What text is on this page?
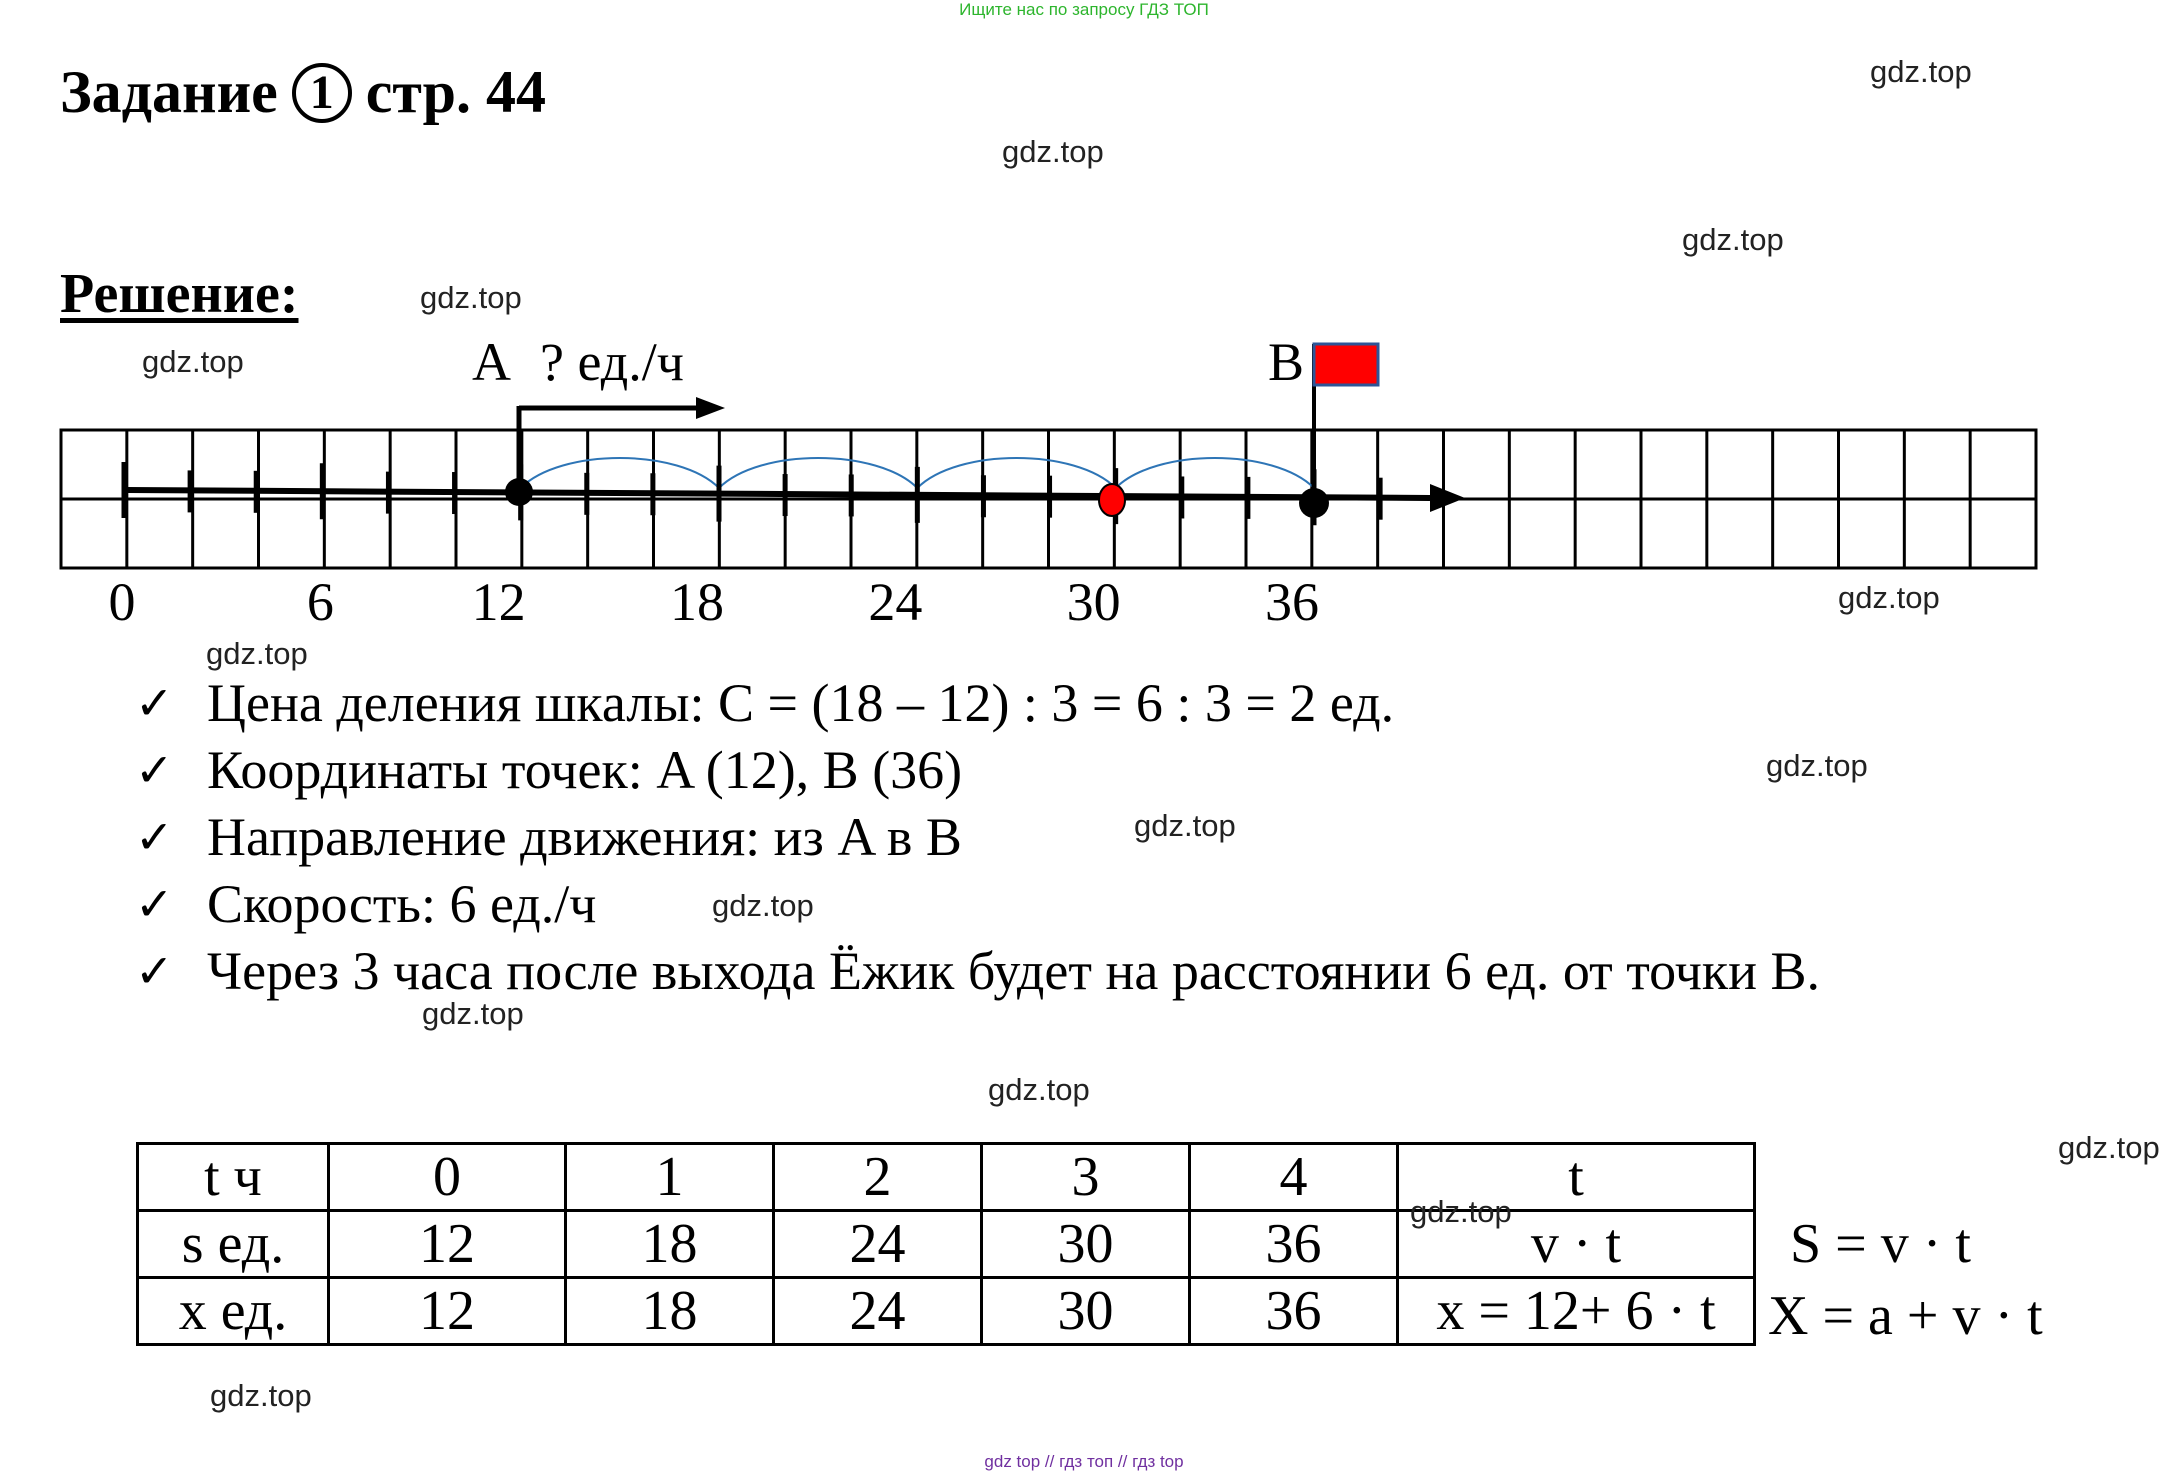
Ищите нас по запросу ГДЗ ТОП
gdz.top
gdz.top
gdz.top
gdz.top
gdz.top
gdz.top
gdz.top
gdz.top
gdz.top
gdz.top
gdz.top
gdz.top
gdz.top
gdz.top
gdz.top
Задание 1 стр. 44
Решение:
A ? ед./ч	B
0	6	12	18	24	30	36
✓ Цена деления шкалы: C = (18 – 12) : 3 = 6 : 3 = 2 ед.
✓ Координаты точек: A (12), B (36)
✓ Направление движения: из A в B
✓ Скорость: 6 ед./ч
✓ Через 3 часа после выхода Ёжик будет на расстоянии 6 ед. от точки B.
t ч	0	1	2	3	4	t
s ед.	12	18	24	30	36	v · t
x ед.	12	18	24	30	36	x = 12+ 6 · t
S = v · t
X = a + v · t
gdz top // гдз топ // гдз top
